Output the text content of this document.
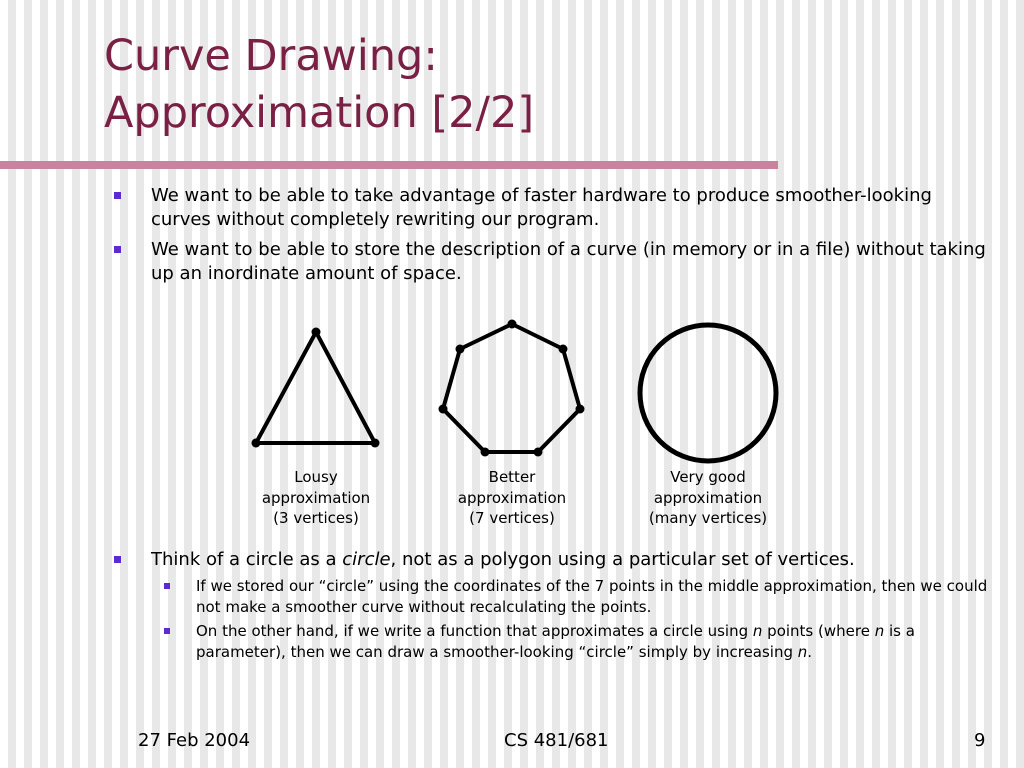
Curve Drawing:
Approximation [2/2]
We want to be able to take advantage of faster hardware to produce smoother-looking curves without completely rewriting our program.
We want to be able to store the description of a curve (in memory or in a file) without taking up an inordinate amount of space.
Think of a circle as a circle, not as a polygon using a particular set of vertices.
If we stored our “circle” using the coordinates of the 7 points in the middle approximation, then we could not make a smoother curve without recalculating the points.
On the other hand, if we write a function that approximates a circle using n points (where n is a parameter), then we can draw a smoother-looking “circle” simply by increasing n.
Lousy
approximation
(3 vertices)
Better
approximation
(7 vertices)
Very good
approximation
(many vertices)
27 Feb 2004	CS 481/681	9
